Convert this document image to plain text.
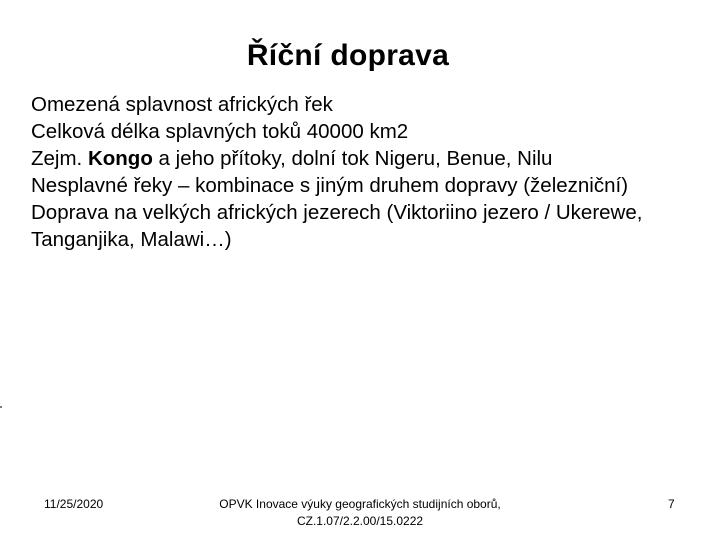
Říční doprava
Omezená splavnost afrických řek
Celková délka splavných toků 40000 km2
Zejm. Kongo a jeho přítoky, dolní tok Nigeru, Benue, Nilu
Nesplavné řeky – kombinace s jiným druhem dopravy (železniční)
Doprava na velkých afrických jezerech (Viktoriino jezero / Ukerewe, Tanganjika, Malawi…)
11/25/2020	OPVK Inovace výuky geografických studijních oborů,
CZ.1.07/2.2.00/15.0222
7
